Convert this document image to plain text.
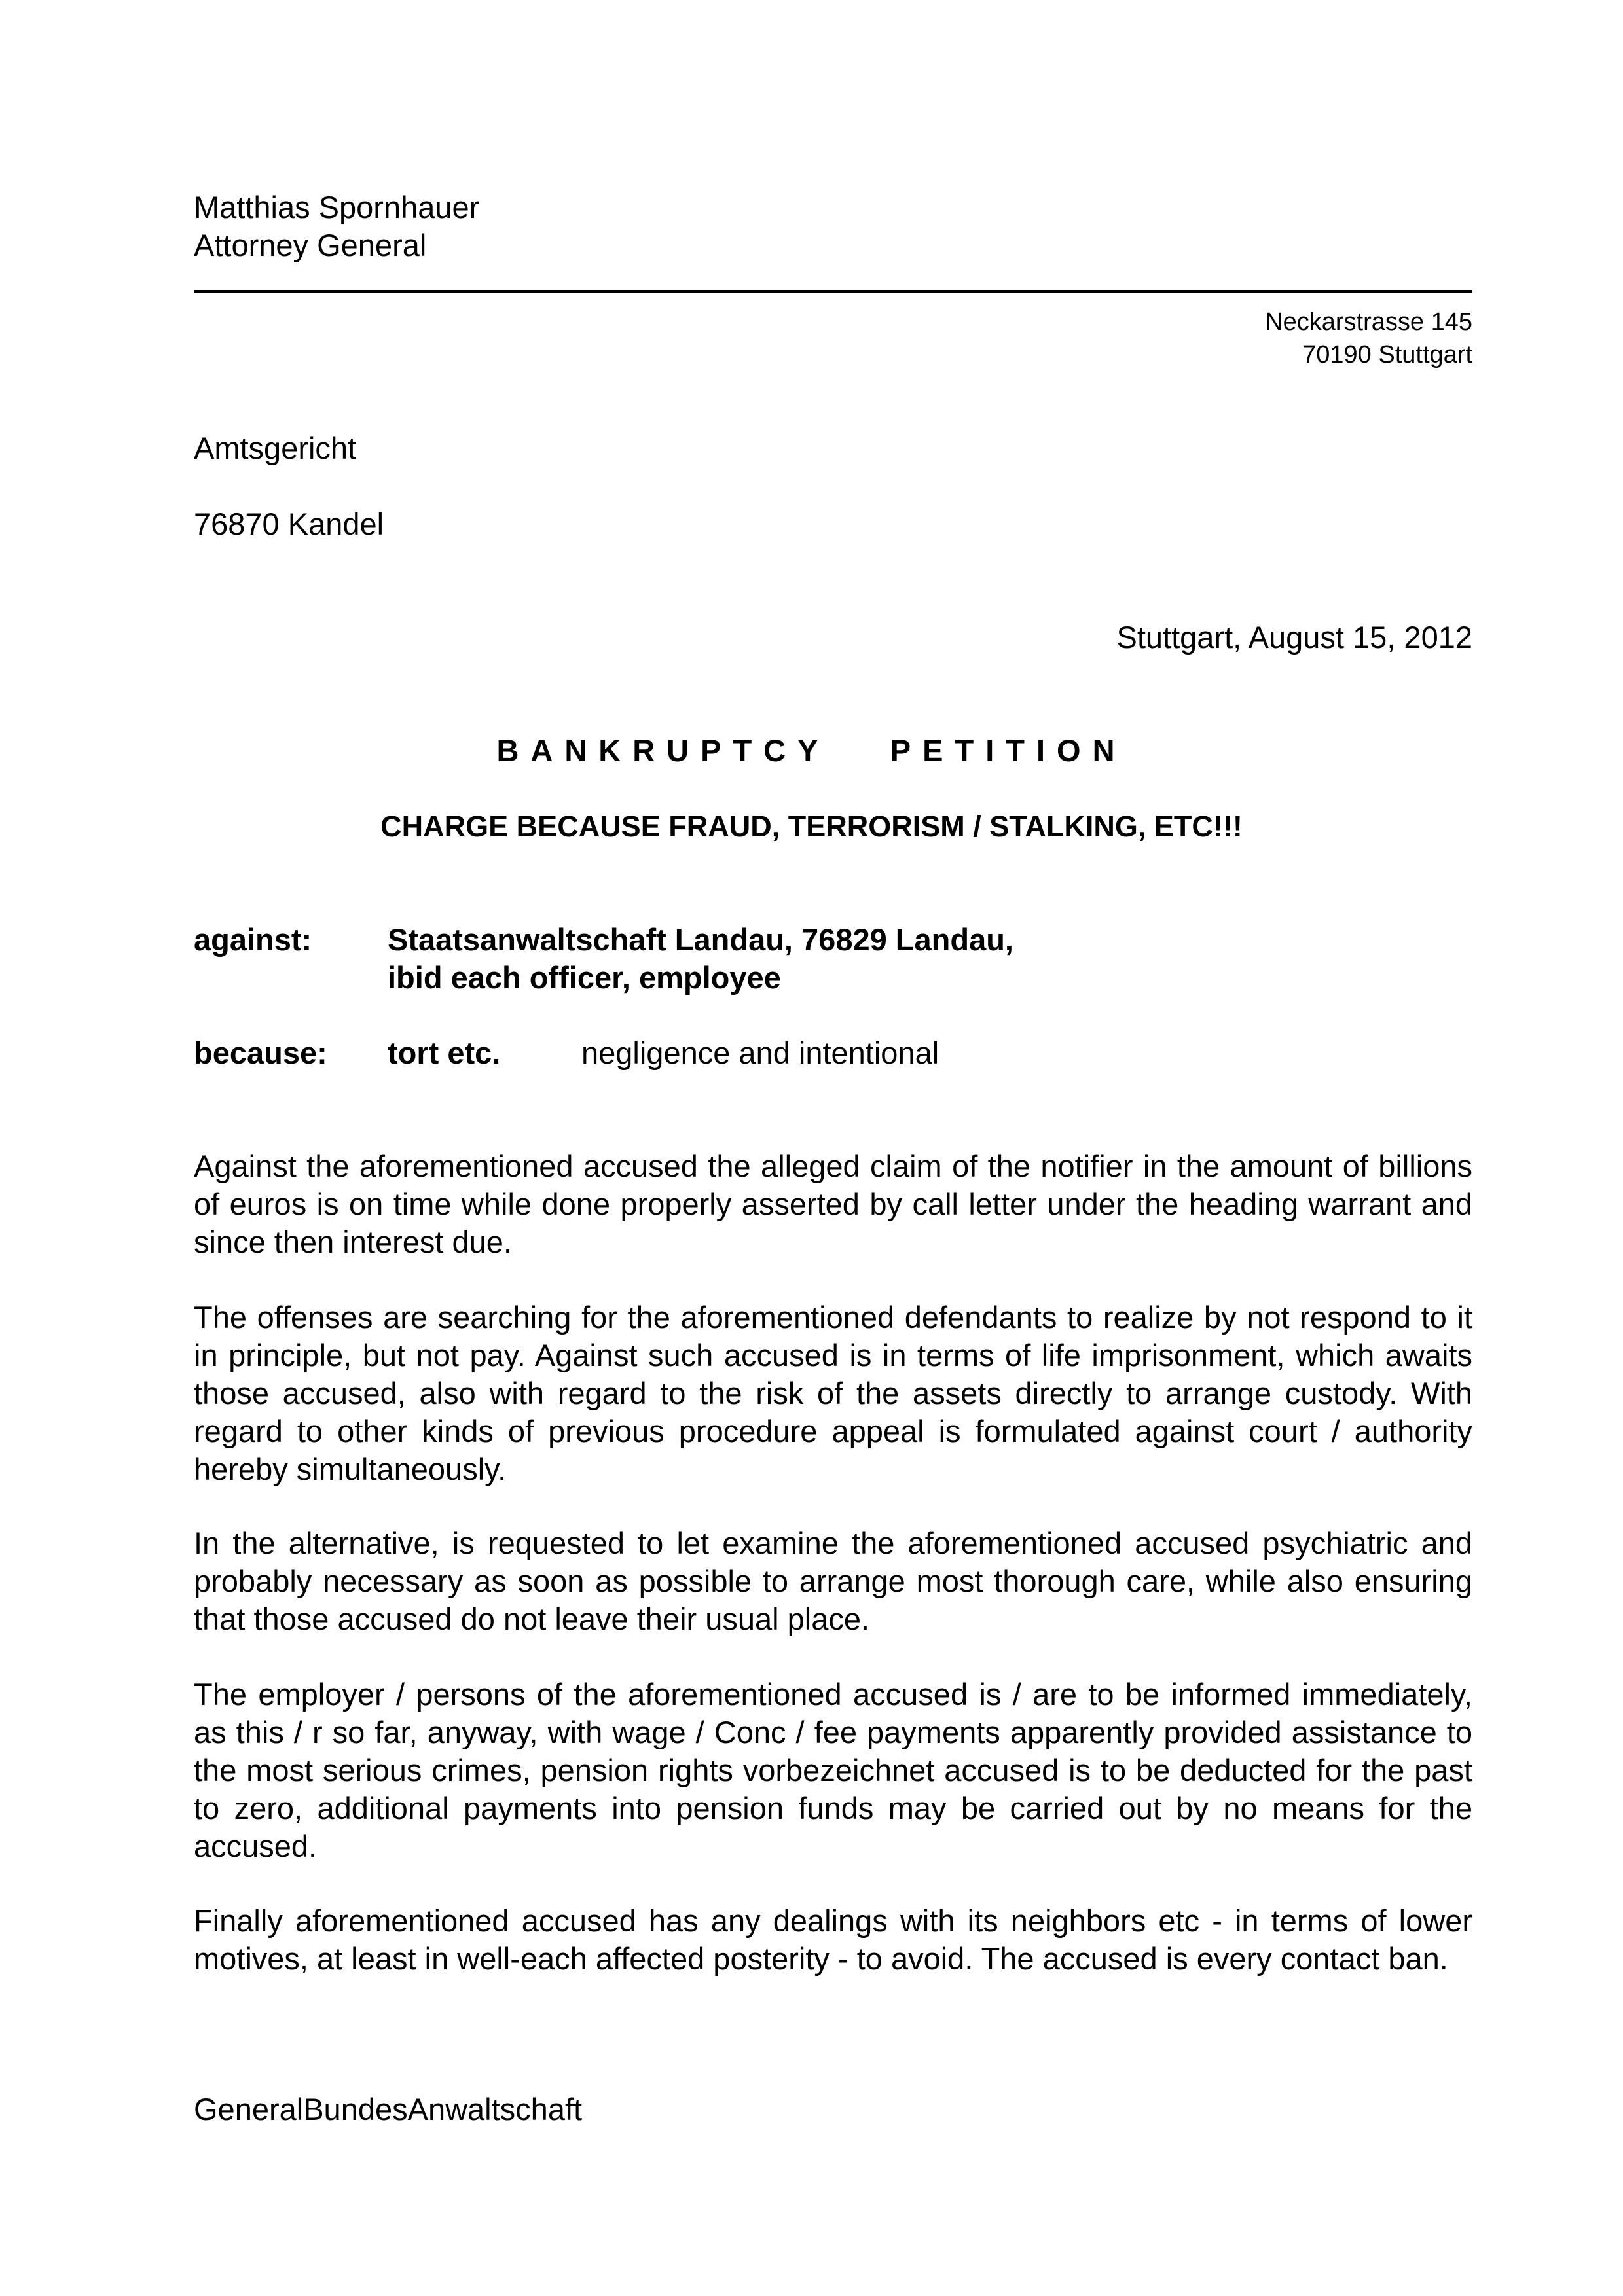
Matthias Spornhauer
Attorney General
Neckarstrasse 145
70190 Stuttgart
Amtsgericht
76870 Kandel
Stuttgart, August 15, 2012
BANKRUPTCY   PETITION
CHARGE BECAUSE FRAUD, TERRORISM / STALKING, ETC!!!
against:	Staatsanwaltschaft Landau, 76829 Landau,
ibid each officer, employee
because:	tort etc.	negligence and intentional

Against the aforementioned accused the alleged claim of the notifier in the amount of billions of euros is on time while done properly asserted by call letter under the heading warrant and since then interest due.

The offenses are searching for the aforementioned defendants to realize by not respond to it in principle, but not pay. Against such accused is in terms of life imprisonment, which awaits those accused, also with regard to the risk of the assets directly to arrange custody. With regard to other kinds of previous procedure appeal is formulated against court / authority hereby simultaneously.

In the alternative, is requested to let examine the aforementioned accused psychiatric and probably necessary as soon as possible to arrange most thorough care, while also ensuring that those accused do not leave their usual place.

The employer / persons of the aforementioned accused is / are to be informed immediately, as this / r so far, anyway, with wage / Conc / fee payments apparently provided assistance to the most serious crimes, pension rights vorbezeichnet accused is to be deducted for the past to zero, additional payments into pension funds may be carried out by no means for the accused.

Finally aforementioned accused has any dealings with its neighbors etc - in terms of lower motives, at least in well-each affected posterity - to avoid. The accused is every contact ban.

GeneralBundesAnwaltschaft
